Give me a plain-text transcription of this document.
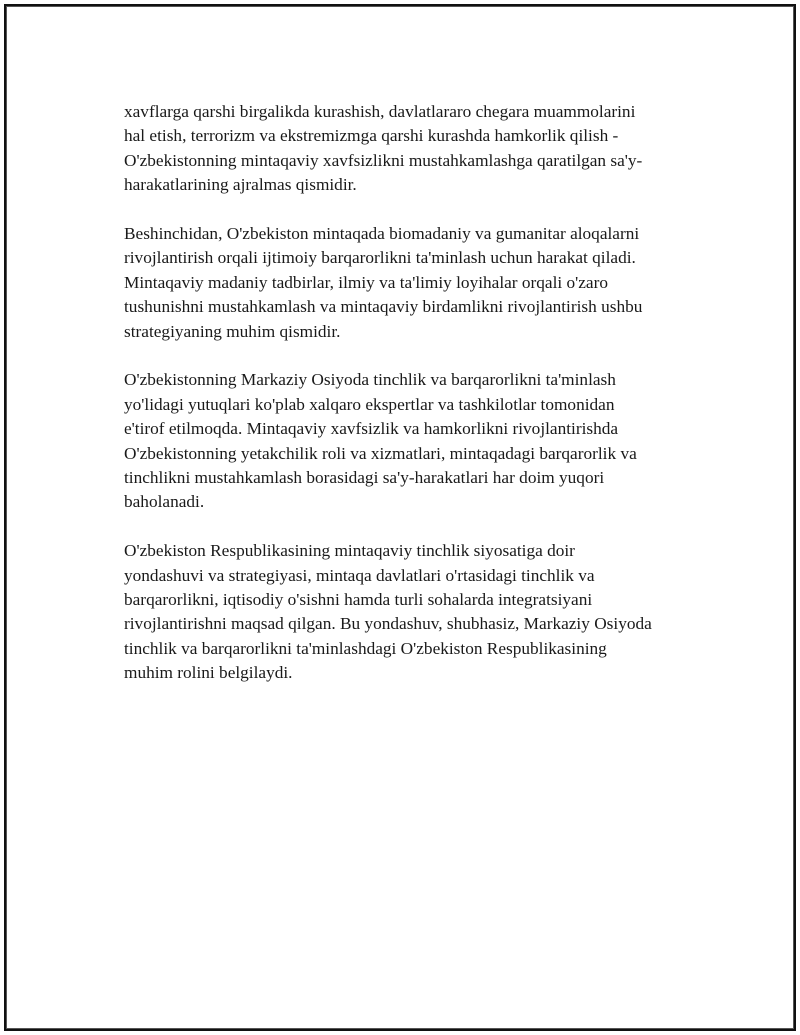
xavflarga qarshi birgalikda kurashish, davlatlararo chegara muammolarini
hal etish, terrorizm va ekstremizmga qarshi kurashda hamkorlik qilish -
O'zbekistonning mintaqaviy xavfsizlikni mustahkamlashga qaratilgan sa'y-
harakatlarining ajralmas qismidir.

Beshinchidan, O'zbekiston mintaqada biomadaniy va gumanitar aloqalarni
rivojlantirish orqali ijtimoiy barqarorlikni ta'minlash uchun harakat qiladi.
Mintaqaviy madaniy tadbirlar, ilmiy va ta'limiy loyihalar orqali o'zaro
tushunishni mustahkamlash va mintaqaviy birdamlikni rivojlantirish ushbu
strategiyaning muhim qismidir.

O'zbekistonning Markaziy Osiyoda tinchlik va barqarorlikni ta'minlash
yo'lidagi yutuqlari ko'plab xalqaro ekspertlar va tashkilotlar tomonidan
e'tirof etilmoqda. Mintaqaviy xavfsizlik va hamkorlikni rivojlantirishda
O'zbekistonning yetakchilik roli va xizmatlari, mintaqadagi barqarorlik va
tinchlikni mustahkamlash borasidagi sa'y-harakatlari har doim yuqori
baholanadi.

O'zbekiston Respublikasining mintaqaviy tinchlik siyosatiga doir
yondashuvi va strategiyasi, mintaqa davlatlari o'rtasidagi tinchlik va
barqarorlikni, iqtisodiy o'sishni hamda turli sohalarda integratsiyani
rivojlantirishni maqsad qilgan. Bu yondashuv, shubhasiz, Markaziy Osiyoda
tinchlik va barqarorlikni ta'minlashdagi O'zbekiston Respublikasining
muhim rolini belgilaydi.
